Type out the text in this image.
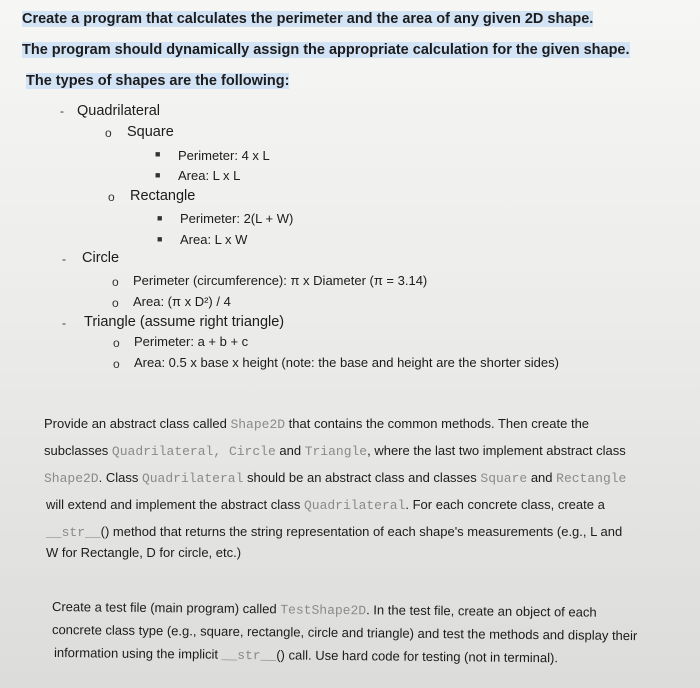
Create a program that calculates the perimeter and the area of any given 2D shape.
The program should dynamically assign the appropriate calculation for the given shape.
The types of shapes are the following:
- Quadrilateral
o Square
■ Perimeter: 4 x L
■ Area: L x L
o Rectangle
■ Perimeter: 2(L + W)
■ Area: L x W
- Circle
o Perimeter (circumference): π x Diameter (π = 3.14)
o Area: (π x D²) / 4
- Triangle (assume right triangle)
o Perimeter: a + b + c
o Area: 0.5 x base x height (note: the base and height are the shorter sides)
Provide an abstract class called Shape2D that contains the common methods. Then create the
subclasses Quadrilateral, Circle and Triangle, where the last two implement abstract class
Shape2D. Class Quadrilateral should be an abstract class and classes Square and Rectangle
will extend and implement the abstract class Quadrilateral. For each concrete class, create a
__str__() method that returns the string representation of each shape's measurements (e.g., L and
W for Rectangle, D for circle, etc.)
Create a test file (main program) called TestShape2D. In the test file, create an object of each
concrete class type (e.g., square, rectangle, circle and triangle) and test the methods and display their
information using the implicit __str__() call. Use hard code for testing (not in terminal).
